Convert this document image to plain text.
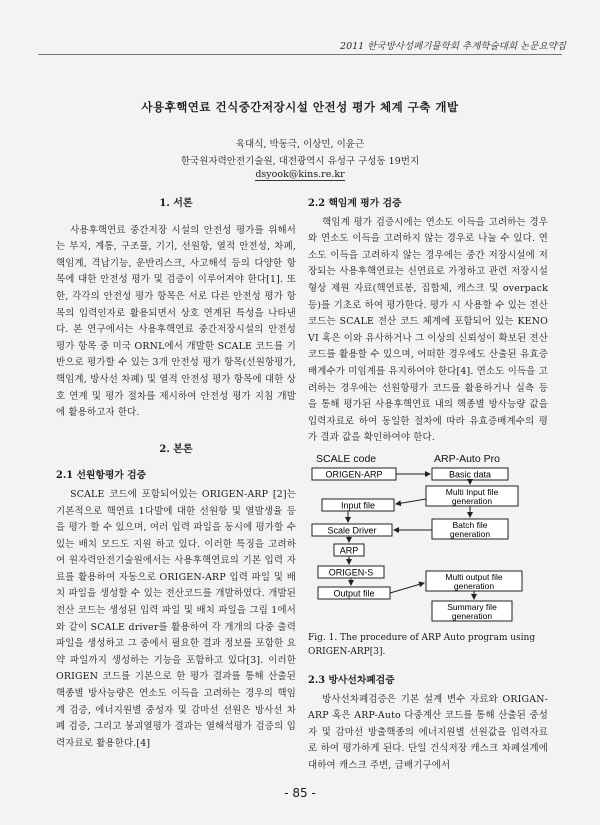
2011 한국방사성폐기물학회 추계학술대회 논문요약집
사용후핵연료 건식중간저장시설 안전성 평가 체계 구축 개발
육대식, 박동극, 이상민, 이윤근
한국원자력안전기술원, 대전광역시 유성구 구성동 19번지
dsyook@kins.re.kr
1. 서론

사용후핵연료 중간저장 시설의 안전성 평가를 위해서는 부지, 계통, 구조물, 기기, 선원항, 열적 안전성, 차폐, 핵임계, 격납기능, 운반리스크, 사고해석 등의 다양한 항목에 대한 안전성 평가 및 검증이 이루어져야 한다[1]. 또한, 각각의 안전성 평가 항목은 서로 다른 안전성 평가 항목의 입력인자로 활용되면서 상호 연계된 특성을 나타낸다. 본 연구에서는 사용후핵연료 중간저장시설의 안전성 평가 항목 중 미국 ORNL에서 개발한 SCALE 코드를 기반으로 평가할 수 있는 3개 안전성 평가 항목(선원항평가, 핵임계, 방사선 차폐) 및 열적 안전성 평가 항목에 대한 상호 연계 및 평가 절차를 제시하여 안전성 평가 지침 개발에 활용하고자 한다.

2. 본론
2.1 선원항평가 검증

SCALE 코드에 포함되어있는 ORIGEN-ARP [2]는 기본적으로 핵연료 1다발에 대한 선원항 및 열발생율 등을 평가 할 수 있으며, 여러 입력 파일을 동시에 평가할 수 있는 배치 모드도 지원 하고 있다. 이러한 특징을 고려하여 원자력안전기술원에서는 사용후핵연료의 기본 입력 자료를 활용하여 자동으로 ORIGEN-ARP 입력 파일 및 배치 파일을 생성할 수 있는 전산코드를 개발하였다. 개발된 전산 코드는 생성된 입력 파일 및 배치 파일을 그림 1에서와 같이 SCALE driver를 활용하여 각 개개의 다중 출력 파일을 생성하고 그 중에서 필요한 결과 정보를 포함한 요약 파일까지 생성하는 기능을 포함하고 있다[3]. 이러한 ORIGEN 코드를 기본으로 한 평가 결과를 통해 산출된 핵종별 방사능량은 연소도 이득을 고려하는 경우의 핵임계 검증, 에너지원별 중성자 및 감마선 선원은 방사선 차폐 검증, 그리고 붕괴열평가 결과는 열해석평가 검증의 입력자료로 활용한다.[4]

2.2 핵임계 평가 검증

핵임계 평가 검증시에는 연소도 이득을 고려하는 경우와 연소도 이득을 고려하지 않는 경우로 나눌 수 있다. 연소도 이득을 고려하지 않는 경우에는 중간 저장시설에 저장되는 사용후핵연료는 신연료로 가정하고 관련 저장시설 형상 제원 자료(핵연료봉, 집합체, 캐스크 및 overpack 등)를 기초로 하여 평가한다. 평가 시 사용할 수 있는 전산 코드는 SCALE 전산 코드 체계에 포함되어 있는 KENO VI 혹은 이와 유사하거나 그 이상의 신뢰성이 확보된 전산코드를 활용할 수 있으며, 어떠한 경우에도 산출된 유효증배계수가 미임계를 유지하여야 한다[4]. 연소도 이득을 고려하는 경우에는 선원항평가 코드를 활용하거나 실측 등을 통해 평가된 사용후핵연료 내의 핵종별 방사능량 값을 입력자료로 하여 동일한 절차에 따라 유효증배계수의 평가 결과 값을 확인하여야 한다.

SCALE code	ARP-Auto Pro
ORIGEN-ARP	Basic data
Multi Input file
generation
Input file
Scale Driver
Batch file
generation
ARP
ORIGEN-S	Multi output file
generation
Output file
Summary file
generation
Fig. 1. The procedure of ARP Auto program using ORIGEN-ARP[3].
2.3 방사선차폐검증

방사선차폐검증은 기본 설계 변수 자료와 ORIGAN-ARP 혹은 ARP-Auto 다중계산 코드를 통해 산출된 중성자 및 감마선 방출핵종의 에너지원별 선원값을 입력자료로 하여 평가하게 된다. 단일 건식저장 캐스크 차폐설계에 대하여 캐스크 주변, 급배기구에서

- 85 -
